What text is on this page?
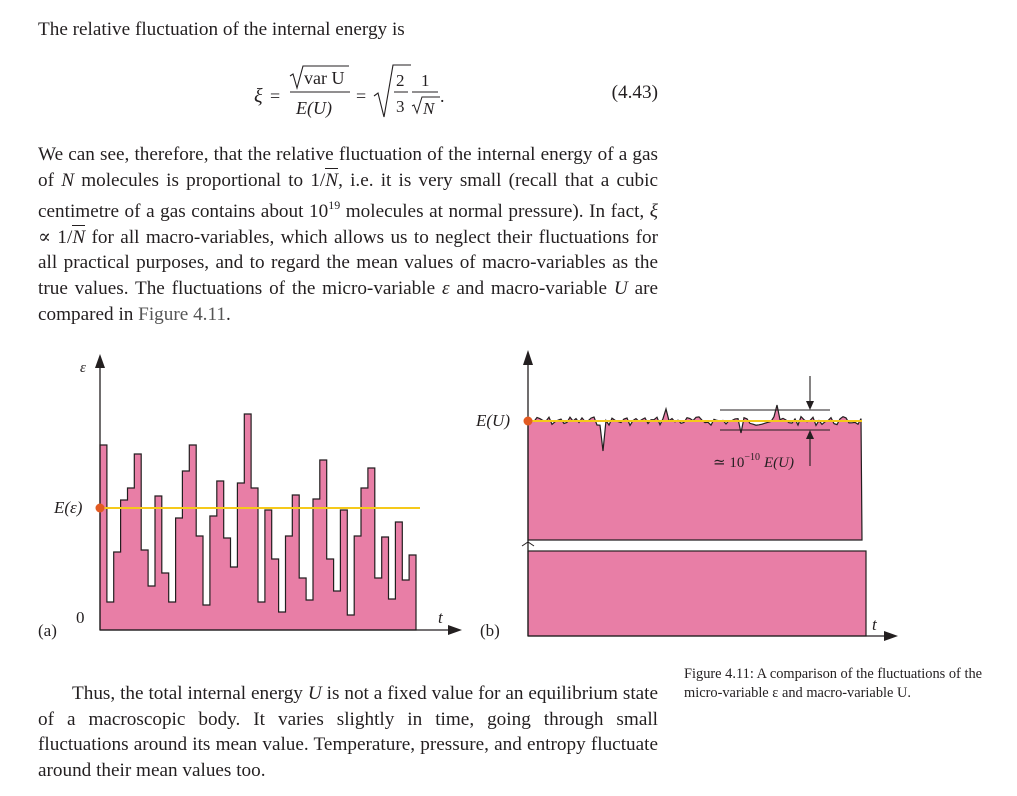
The relative fluctuation of the internal energy is

ξ =
var U
E(U)
=
2
3
1
N
.	(4.43)

We can see, therefore, that the relative fluctuation of the internal energy of a gas of N molecules is proportional to 1/N, i.e. it is very small (recall that a cubic centimetre of a gas contains about $10^{19}$ molecules at normal pressure). In fact, ξ ∝ 1/N for all macro-variables, which allows us to neglect their fluctuations for all practical purposes, and to regard the mean values of macro-variables as the true values. The fluctuations of the micro-variable ε and macro-variable U are compared in Figure 4.11.

ε
E(ε)
0	t
(a)
≃ $10^{-10}$ E(U)
E(U)
t
(b)
Figure 4.11: A comparison of the fluctuations of the micro-variable ε and macro-variable U.

Thus, the total internal energy U is not a fixed value for an equilibrium state of a macroscopic body. It varies slightly in time, going through small fluctuations around its mean value. Temperature, pressure, and entropy fluctuate around their mean values too.
